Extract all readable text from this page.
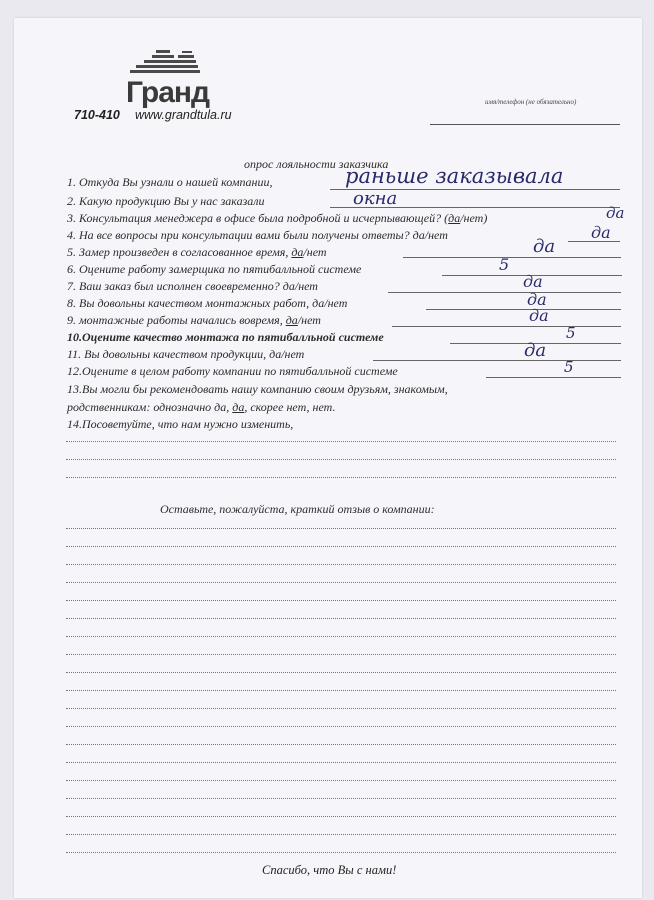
Гранд
710-410 www.grandtula.ru
имя/телефон (не обязательно)
опрос лояльности заказчика
1. Откуда Вы узнали о нашей компании,	раньше заказывала
2. Какую продукцию Вы у нас заказали	окна
3. Консультация менеджера в офисе была подробной и исчерпывающей? (да/нет)	да
4. На все вопросы при консультации вами были получены ответы? да/нет	да
5. Замер произведен в согласованное время, да/нет	да
6. Оцените работу замерщика по пятибалльной системе	5
7. Ваш заказ был исполнен своевременно? да/нет	да
8. Вы довольны качеством монтажных работ, да/нет	да
9. монтажные работы начались вовремя, да/нет	да
10.Оцените качество монтажа по пятибалльной системе	5
11. Вы довольны качеством продукции, да/нет	да
12.Оцените в целом работу компании по пятибалльной системе	5
13.Вы могли бы рекомендовать нашу компанию своим друзьям, знакомым,
родственникам: однозначно да, да, скорее нет, нет.
14.Посоветуйте, что нам нужно изменить,
Оставьте, пожалуйста, краткий отзыв о компании:
Спасибо, что Вы с нами!
